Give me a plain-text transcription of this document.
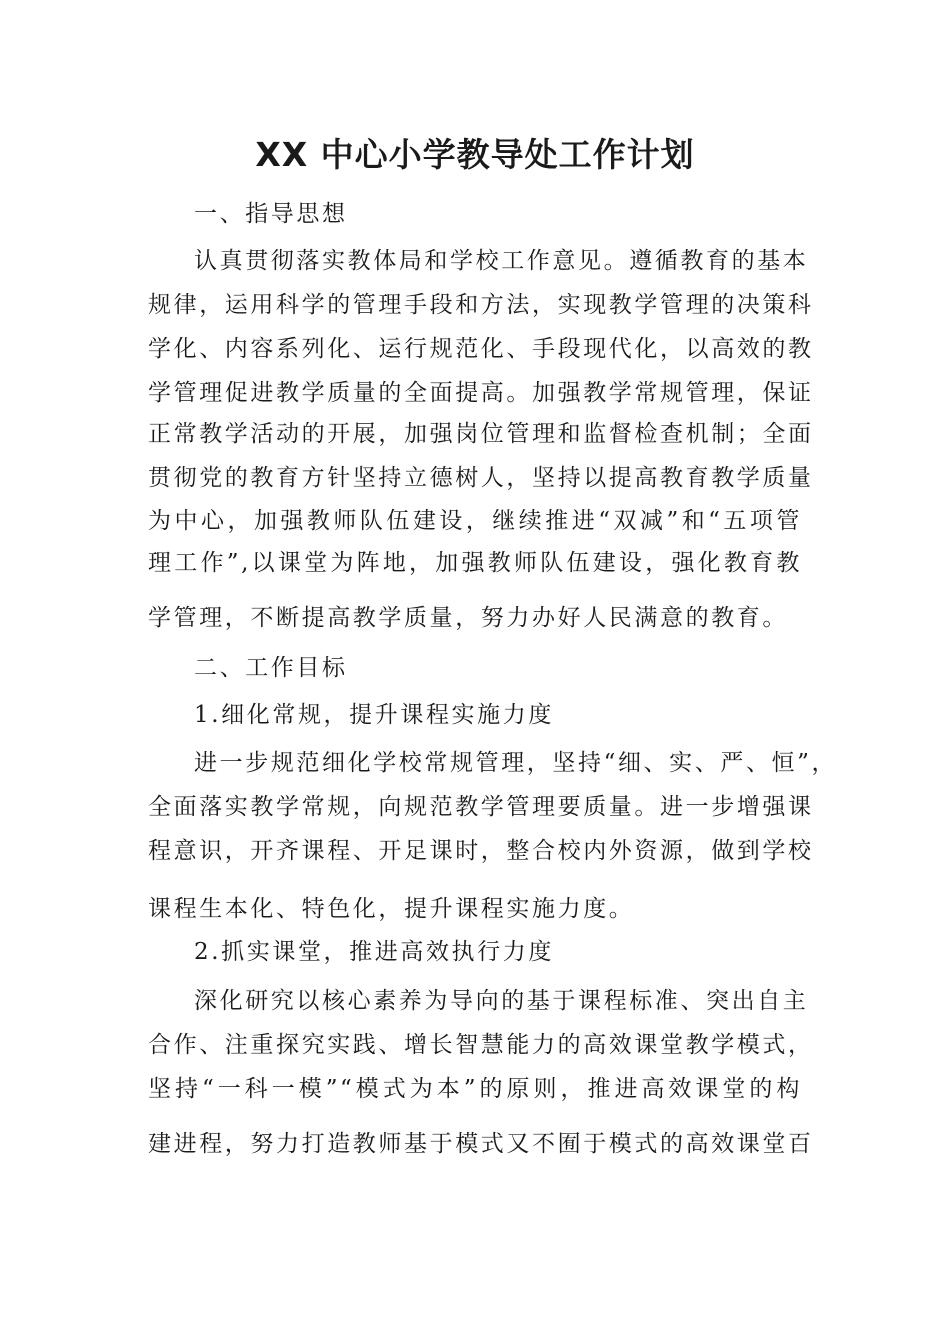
XX 中心小学教导处工作计划

一、指导思想

认真贯彻落实教体局和学校工作意见。遵循教育的基本

规律，运用科学的管理手段和方法，实现教学管理的决策科

学化、内容系列化、运行规范化、手段现代化，以高效的教

学管理促进教学质量的全面提高。加强教学常规管理，保证

正常教学活动的开展，加强岗位管理和监督检查机制；全面

贯彻党的教育方针坚持立德树人，坚持以提高教育教学质量

为中心，加强教师队伍建设，继续推进“双减”和“五项管

理工作”,以课堂为阵地，加强教师队伍建设，强化教育教

学管理，不断提高教学质量，努力办好人民满意的教育。

二、工作目标

1.细化常规，提升课程实施力度

进一步规范细化学校常规管理，坚持“细、实、严、恒”，

全面落实教学常规，向规范教学管理要质量。进一步增强课

程意识，开齐课程、开足课时，整合校内外资源，做到学校

课程生本化、特色化，提升课程实施力度。

2.抓实课堂，推进高效执行力度

深化研究以核心素养为导向的基于课程标准、突出自主

合作、注重探究实践、增长智慧能力的高效课堂教学模式，

坚持“一科一模”“模式为本”的原则，推进高效课堂的构

建进程，努力打造教师基于模式又不囿于模式的高效课堂百
